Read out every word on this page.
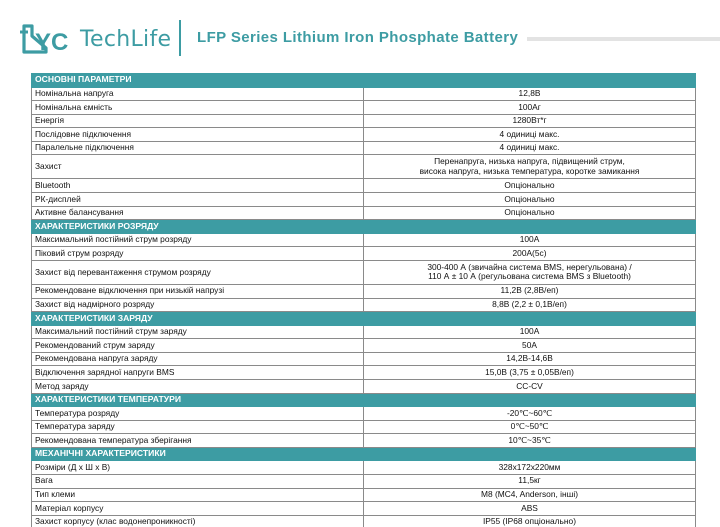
YC TechLife LFP Series Lithium Iron Phosphate Battery
ОСНОВНІ ПАРАМЕТРИ	
Номінальна напруга	12,8В
Номінальна ємність	100Аг
Енергія	1280Вт*г
Послідовне підключення	4 одиниці макс.
Паралельне підключення	4 одиниці макс.
Захист	Перенапруга, низька напруга, підвищений струм,
висока напруга, низька температура, коротке замикання
Bluetooth	Опціонально
РК-дисплей	Опціонально
Активне балансування	Опціонально
ХАРАКТЕРИСТИКИ РОЗРЯДУ	
Максимальний постійний струм розряду	100А
Піковий струм розряду	200А(5с)
Захист від перевантаження струмом розряду	300-400 А (звичайна система BMS, нерегульована) /
110 А ± 10 А (регульована система BMS з Bluetooth)
Рекомендоване відключення при низькій напрузі	11,2В (2,8В/еп)
Захист від надмірного розряду	8,8В (2,2 ± 0,1В/еп)
ХАРАКТЕРИСТИКИ ЗАРЯДУ	
Максимальний постійний струм заряду	100А
Рекомендований струм заряду	50А
Рекомендована напруга заряду	14,2В-14,6В
Відключення зарядної напруги BMS	15,0В (3,75 ± 0,05В/еп)
Метод заряду	CC-CV
ХАРАКТЕРИСТИКИ ТЕМПЕРАТУРИ	
Температура розряду	-20℃~60℃
Температура заряду	0℃~50℃
Рекомендована температура зберігання	10℃~35℃
МЕХАНІЧНІ ХАРАКТЕРИСТИКИ	
Розміри (Д х Ш х В)	328x172x220мм
Вага	11,5кг
Тип клеми	M8 (MC4, Anderson, інші)
Матеріал корпусу	ABS
Захист корпусу (клас водонепроникності)	IP55 (IP68 опціонально)
